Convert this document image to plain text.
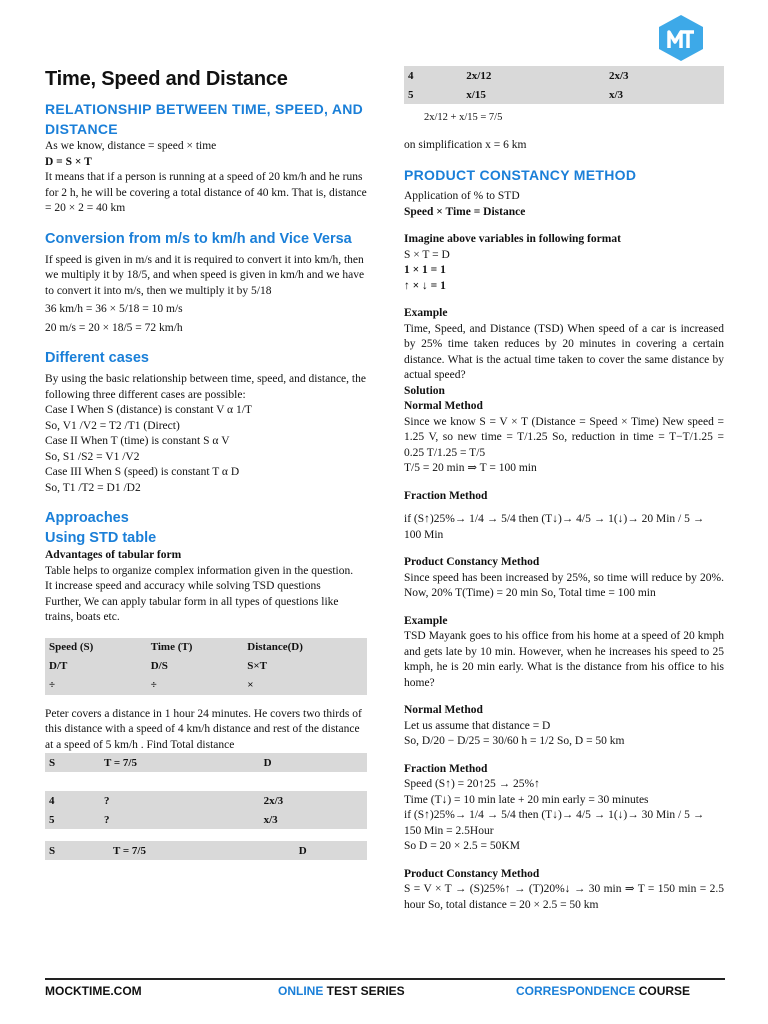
Time, Speed and Distance
RELATIONSHIP BETWEEN TIME, SPEED, AND DISTANCE

As we know, distance = speed × time

D = S × T

It means that if a person is running at a speed of 20 km/h and he runs for 2 h, he will be covering a total distance of 40 km. That is, distance = 20 × 2 = 40 km

Conversion from m/s to km/h and Vice Versa

If speed is given in m/s and it is required to convert it into km/h, then we multiply it by 18/5, and when speed is given in km/h and we have to convert it into m/s, then we multiply it by 5/18

36 km/h = 36 × 5/18 = 10 m/s

20 m/s = 20 × 18/5 = 72 km/h

Different cases

By using the basic relationship between time, speed, and distance, the following three different cases are possible:

Case I When S (distance) is constant V α 1/T

So, V1 /V2 = T2 /T1 (Direct)

Case II When T (time) is constant S α V

So, S1 /S2 = V1 /V2

Case III When S (speed) is constant T α D

So, T1 /T2 = D1 /D2

Approaches
Using STD table

Advantages of tabular form

Table helps to organize complex information given in the question.

It increase speed and accuracy while solving TSD questions

Further, We can apply tabular form in all types of questions like trains, boats etc.

Speed (S)	Time (T)	Distance(D)
D/T	D/S	S×T
÷	÷	×

Peter covers a distance in 1 hour 24 minutes. He covers two thirds of this distance with a speed of 4 km/h distance and rest of the distance at a speed of 5 km/h . Find Total distance

S	T = 7/5	D

4	?	2x/3
5	?	x/3
S	T = 7/5	D
4	2x/12	2x/3
5	x/15	x/3

2x/12 + x/15 = 7/5

on simplification x = 6 km

PRODUCT CONSTANCY METHOD

Application of % to STD

Speed × Time = Distance

Imagine above variables in following format

S × T = D

1 × 1 = 1

↑ × ↓ = 1

Example

Time, Speed, and Distance (TSD) When speed of a car is increased by 25% time taken reduces by 20 minutes in covering a certain distance. What is the actual time taken to cover the same distance by actual speed?

Solution

Normal Method

Since we know S = V × T (Distance = Speed × Time) New speed = 1.25 V, so new time = T/1.25 So, reduction in time = T−T/1.25 = 0.25 T/1.25 = T/5

T/5 = 20 min ⇒ T = 100 min

Fraction Method

if (S↑)25%→ 1/4 → 5/4 then (T↓)→ 4/5 → 1(↓)→ 20 Min / 5 → 100 Min

Product Constancy Method

Since speed has been increased by 25%, so time will reduce by 20%. Now, 20% T(Time) = 20 min So, Total time = 100 min

Example

TSD Mayank goes to his office from his home at a speed of 20 kmph and gets late by 10 min. However, when he increases his speed to 25 kmph, he is 20 min early. What is the distance from his office to his home?

Normal Method

Let us assume that distance = D

So, D/20 − D/25 = 30/60 h = 1/2 So, D = 50 km

Fraction Method

Speed (S↑) = 20↑25 → 25%↑

Time (T↓) = 10 min late + 20 min early = 30 minutes

if (S↑)25%→ 1/4 → 5/4 then (T↓)→ 4/5 → 1(↓)→ 30 Min / 5 → 150 Min = 2.5Hour

So D = 20 × 2.5 = 50KM

Product Constancy Method

S = V × T → (S)25%↑ → (T)20%↓ → 30 min ⇒ T = 150 min = 2.5 hour So, total distance = 20 × 2.5 = 50 km

MOCKTIME.COM	ONLINE TEST SERIES	CORRESPONDENCE COURSE
